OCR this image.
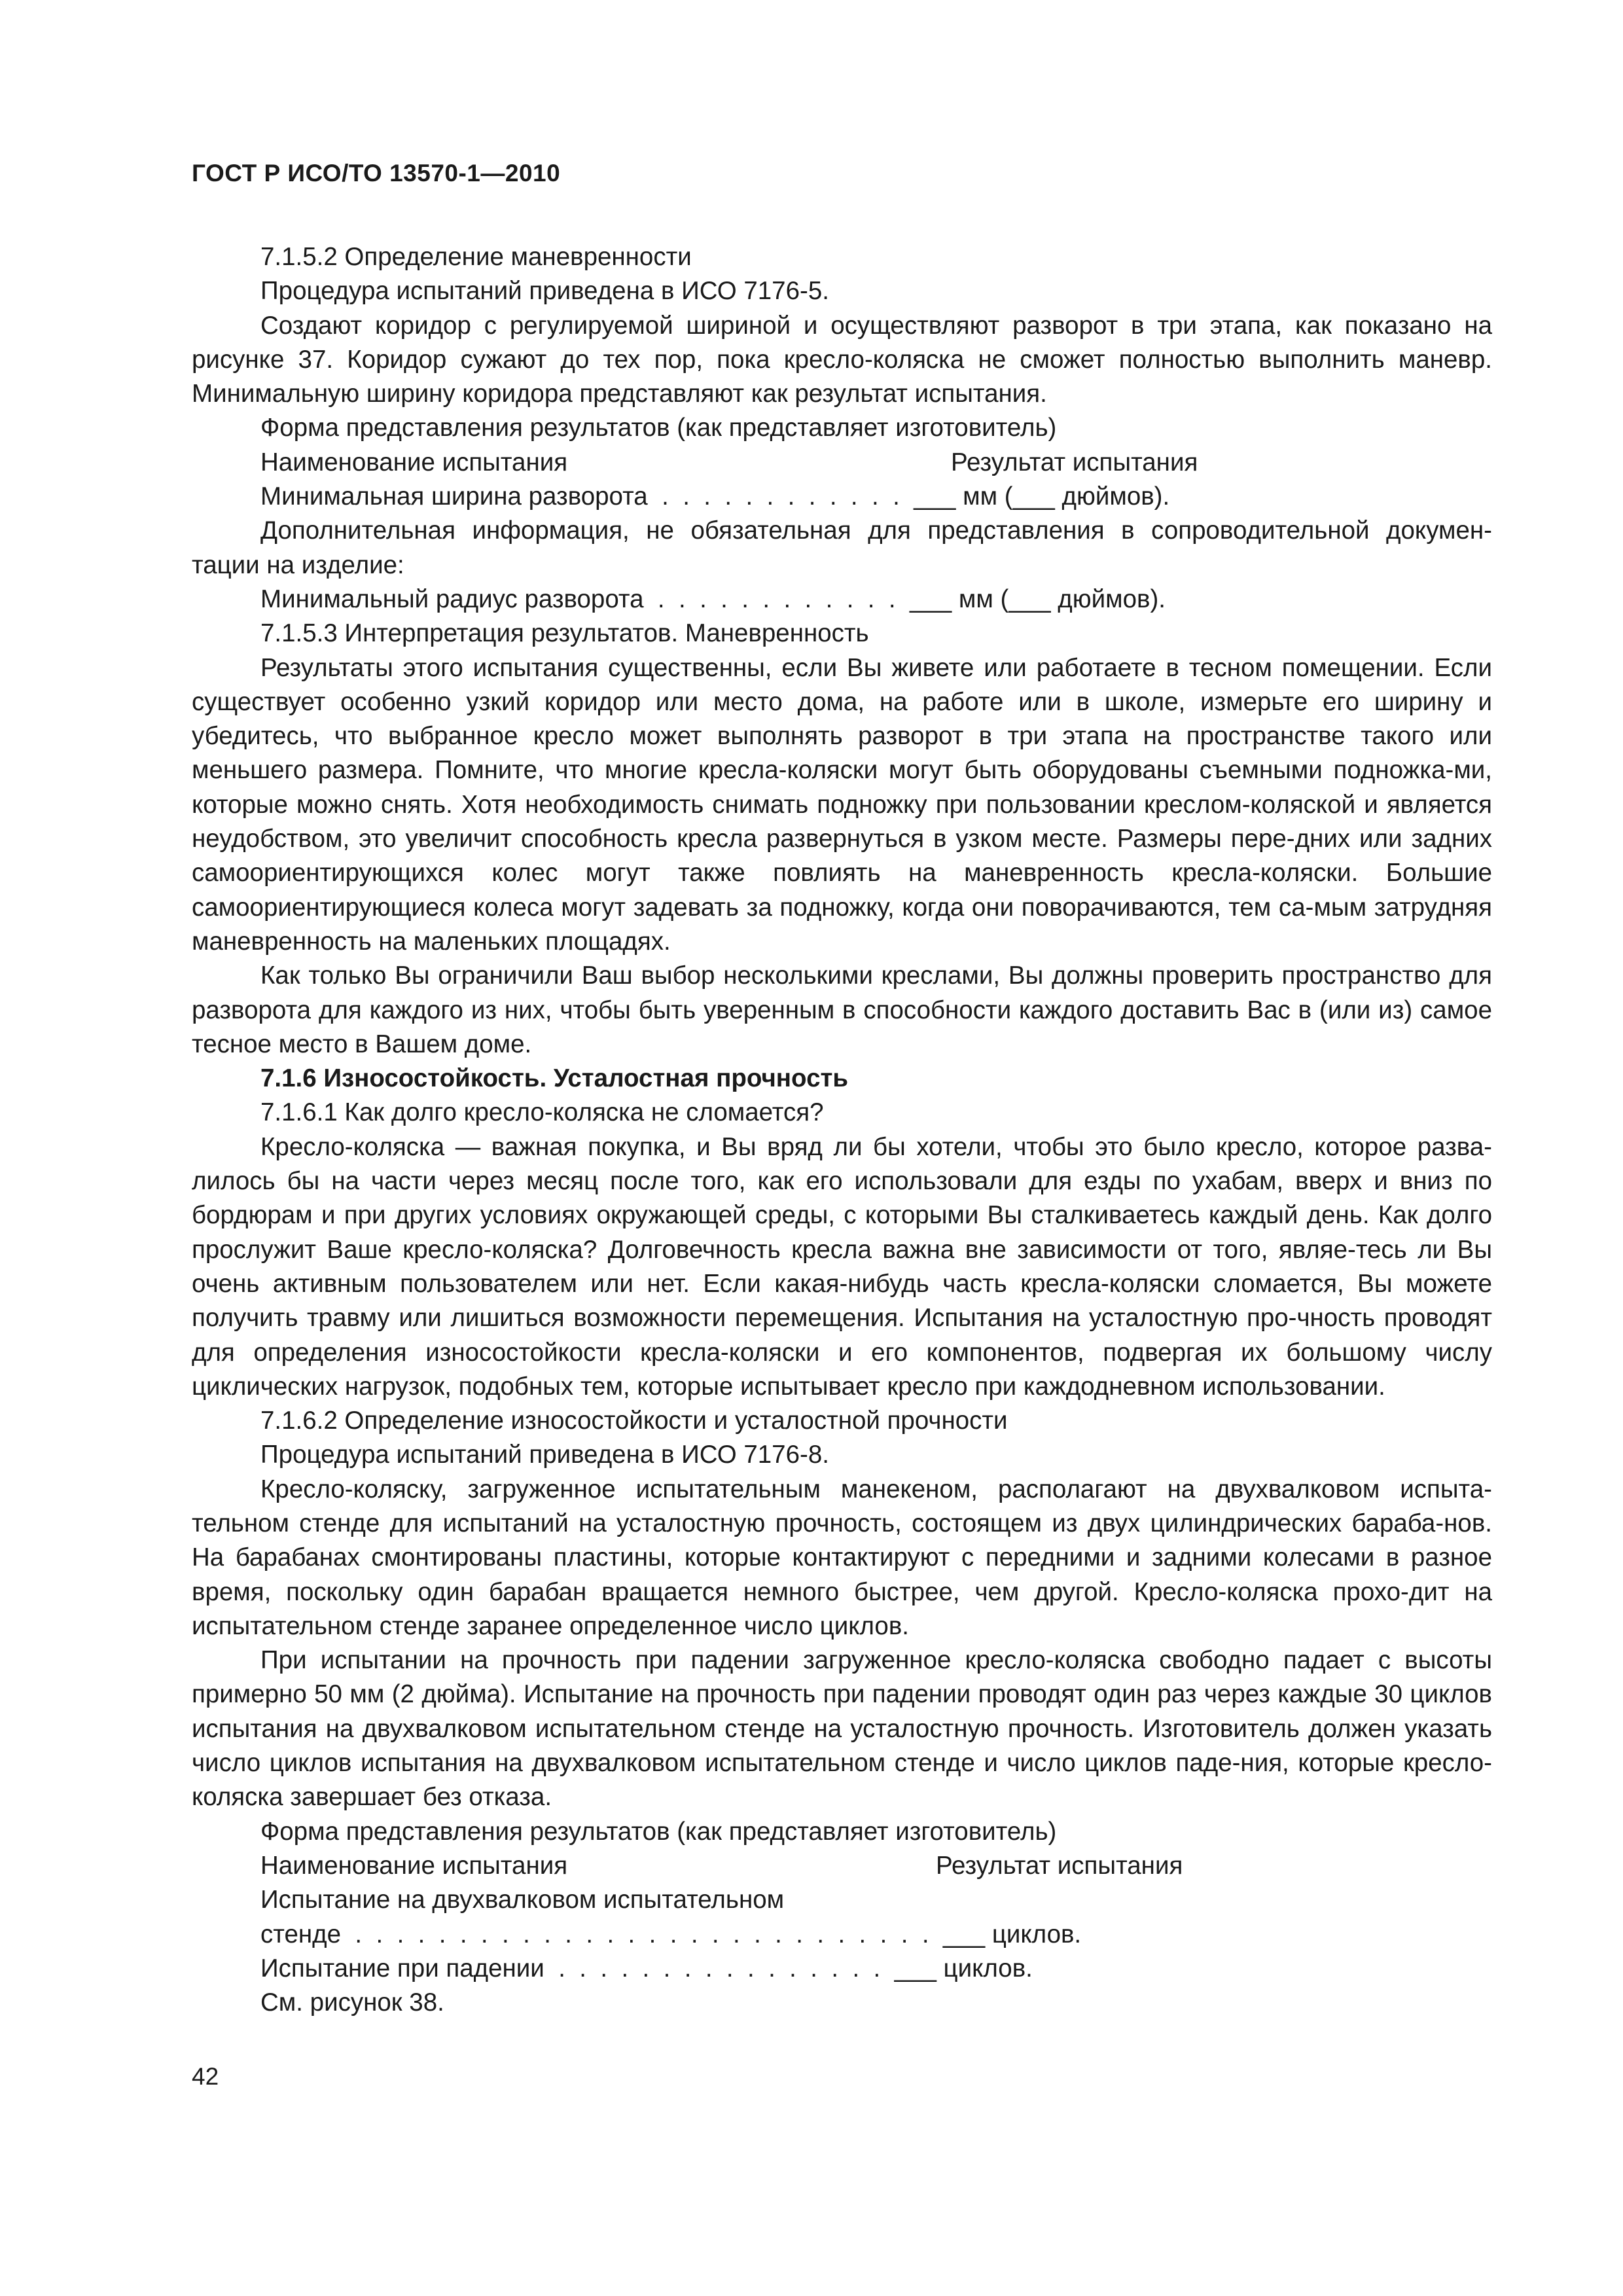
ГОСТ Р ИСО/ТО 13570-1—2010

7.1.5.2 Определение маневренности

Процедура испытаний приведена в ИСО 7176-5.

Создают коридор с регулируемой шириной и осуществляют разворот в три этапа, как показано на

рисунке 37. Коридор сужают до тех пор, пока кресло-коляска не сможет полностью выполнить маневр. Минимальную ширину коридора представляют как результат испытания.

Форма представления результатов (как представляет изготовитель)

Наименование испытания	Результат испытания

Минимальная ширина разворота  .  .  .  .  .  .  .  .  .  .  .  .  ___ мм (___ дюймов).

Дополнительная информация, не обязательная для представления в сопроводительной докумен-

тации на изделие:

Минимальный радиус разворота  .  .  .  .  .  .  .  .  .  .  .  .  ___ мм (___ дюймов).

7.1.5.3 Интерпретация результатов. Маневренность

Результаты этого испытания существенны, если Вы живете или работаете в тесном помещении. Если существует особенно узкий коридор или место дома, на работе или в школе, измерьте его ширину и убедитесь, что выбранное кресло может выполнять разворот в три этапа на пространстве такого или меньшего размера. Помните, что многие кресла-коляски могут быть оборудованы съемными подножка-ми, которые можно снять. Хотя необходимость снимать подножку при пользовании креслом-коляской и является неудобством, это увеличит способность кресла развернуться в узком месте. Размеры пере-дних или задних самоориентирующихся колес могут также повлиять на маневренность кресла-коляски. Большие самоориентирующиеся колеса могут задевать за подножку, когда они поворачиваются, тем са-мым затрудняя маневренность на маленьких площадях.

Как только Вы ограничили Ваш выбор несколькими креслами, Вы должны проверить пространство для разворота для каждого из них, чтобы быть уверенным в способности каждого доставить Вас в (или из) самое тесное место в Вашем доме.

7.1.6 Износостойкость. Усталостная прочность

7.1.6.1 Как долго кресло-коляска не сломается?

Кресло-коляска — важная покупка, и Вы вряд ли бы хотели, чтобы это было кресло, которое разва-лилось бы на части через месяц после того, как его использовали для езды по ухабам, вверх и вниз по бордюрам и при других условиях окружающей среды, с которыми Вы сталкиваетесь каждый день. Как долго прослужит Ваше кресло-коляска? Долговечность кресла важна вне зависимости от того, являе-тесь ли Вы очень активным пользователем или нет. Если какая-нибудь часть кресла-коляски сломается, Вы можете получить травму или лишиться возможности перемещения. Испытания на усталостную про-чность проводят для определения износостойкости кресла-коляски и его компонентов, подвергая их большому числу циклических нагрузок, подобных тем, которые испытывает кресло при каждодневном использовании.

7.1.6.2 Определение износостойкости и усталостной прочности

Процедура испытаний приведена в ИСО 7176-8.

Кресло-коляску, загруженное испытательным манекеном, располагают на двухвалковом испыта-тельном стенде для испытаний на усталостную прочность, состоящем из двух цилиндрических бараба-нов. На барабанах смонтированы пластины, которые контактируют с передними и задними колесами в разное время, поскольку один барабан вращается немного быстрее, чем другой. Кресло-коляска прохо-дит на испытательном стенде заранее определенное число циклов.

При испытании на прочность при падении загруженное кресло-коляска свободно падает с высоты примерно 50 мм (2 дюйма). Испытание на прочность при падении проводят один раз через каждые 30 циклов испытания на двухвалковом испытательном стенде на усталостную прочность. Изготовитель должен указать число циклов испытания на двухвалковом испытательном стенде и число циклов паде-ния, которые кресло-коляска завершает без отказа.

Форма представления результатов (как представляет изготовитель)

Наименование испытания	Результат испытания

Испытание на двухвалковом испытательном

стенде  .  .  .  .  .  .  .  .  .  .  .  .  .  .  .  .  .  .  .  .  .  .  .  .  .  .  .  .  ___ циклов.

Испытание при падении  .  .  .  .  .  .  .  .  .  .  .  .  .  .  .  .  ___ циклов.

См. рисунок 38.

42
